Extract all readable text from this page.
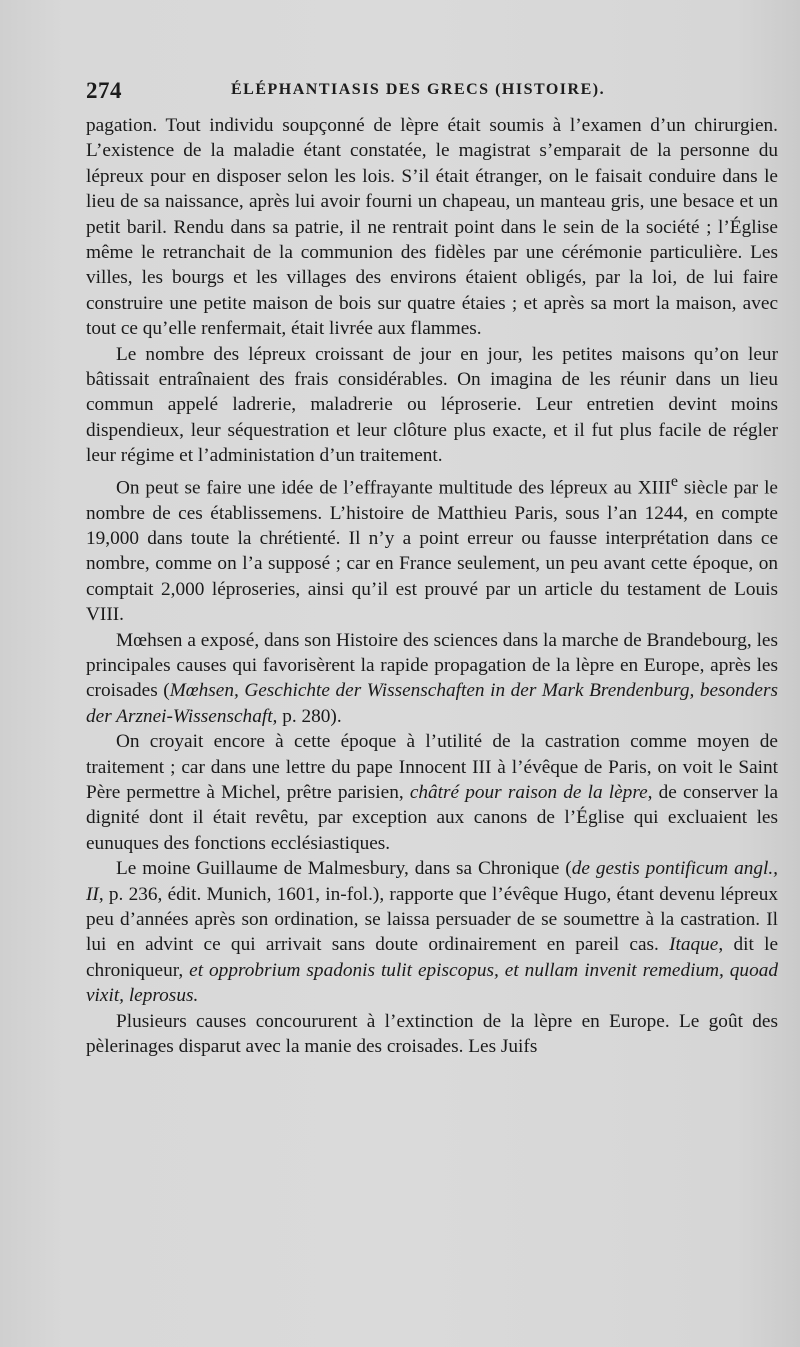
274	ÉLÉPHANTIASIS DES GRECS (HISTOIRE).

pagation. Tout individu soupçonné de lèpre était soumis à l’examen d’un chirurgien. L’existence de la maladie étant constatée, le magistrat s’emparait de la personne du lépreux pour en disposer selon les lois. S’il était étranger, on le faisait conduire dans le lieu de sa naissance, après lui avoir fourni un chapeau, un manteau gris, une besace et un petit baril. Rendu dans sa patrie, il ne rentrait point dans le sein de la société ; l’Église même le retranchait de la communion des fidèles par une cérémonie particulière. Les villes, les bourgs et les villages des environs étaient obligés, par la loi, de lui faire construire une petite maison de bois sur quatre étaies ; et après sa mort la maison, avec tout ce qu’elle renfermait, était livrée aux flammes.

Le nombre des lépreux croissant de jour en jour, les petites maisons qu’on leur bâtissait entraînaient des frais considérables. On imagina de les réunir dans un lieu commun appelé ladrerie, maladrerie ou léproserie. Leur entretien devint moins dispendieux, leur séquestration et leur clôture plus exacte, et il fut plus facile de régler leur régime et l’administation d’un traitement.

On peut se faire une idée de l’effrayante multitude des lépreux au XIIIe siècle par le nombre de ces établissemens. L’histoire de Matthieu Paris, sous l’an 1244, en compte 19,000 dans toute la chrétienté. Il n’y a point erreur ou fausse interprétation dans ce nombre, comme on l’a supposé ; car en France seulement, un peu avant cette époque, on comptait 2,000 léproseries, ainsi qu’il est prouvé par un article du testament de Louis VIII.

Mœhsen a exposé, dans son Histoire des sciences dans la marche de Brandebourg, les principales causes qui favorisèrent la rapide propagation de la lèpre en Europe, après les croisades (Mœhsen, Geschichte der Wissenschaften in der Mark Brendenburg, besonders der Arznei-Wissenschaft, p. 280).

On croyait encore à cette époque à l’utilité de la castration comme moyen de traitement ; car dans une lettre du pape Innocent III à l’évêque de Paris, on voit le Saint Père permettre à Michel, prêtre parisien, châtré pour raison de la lèpre, de conserver la dignité dont il était revêtu, par exception aux canons de l’Église qui excluaient les eunuques des fonctions ecclésiastiques.

Le moine Guillaume de Malmesbury, dans sa Chronique (de gestis pontificum angl., II, p. 236, édit. Munich, 1601, in-fol.), rapporte que l’évêque Hugo, étant devenu lépreux peu d’années après son ordination, se laissa persuader de se soumettre à la castration. Il lui en advint ce qui arrivait sans doute ordinairement en pareil cas. Itaque, dit le chroniqueur, et opprobrium spadonis tulit episcopus, et nullam invenit remedium, quoad vixit, leprosus.

Plusieurs causes concoururent à l’extinction de la lèpre en Europe. Le goût des pèlerinages disparut avec la manie des croisades. Les Juifs
